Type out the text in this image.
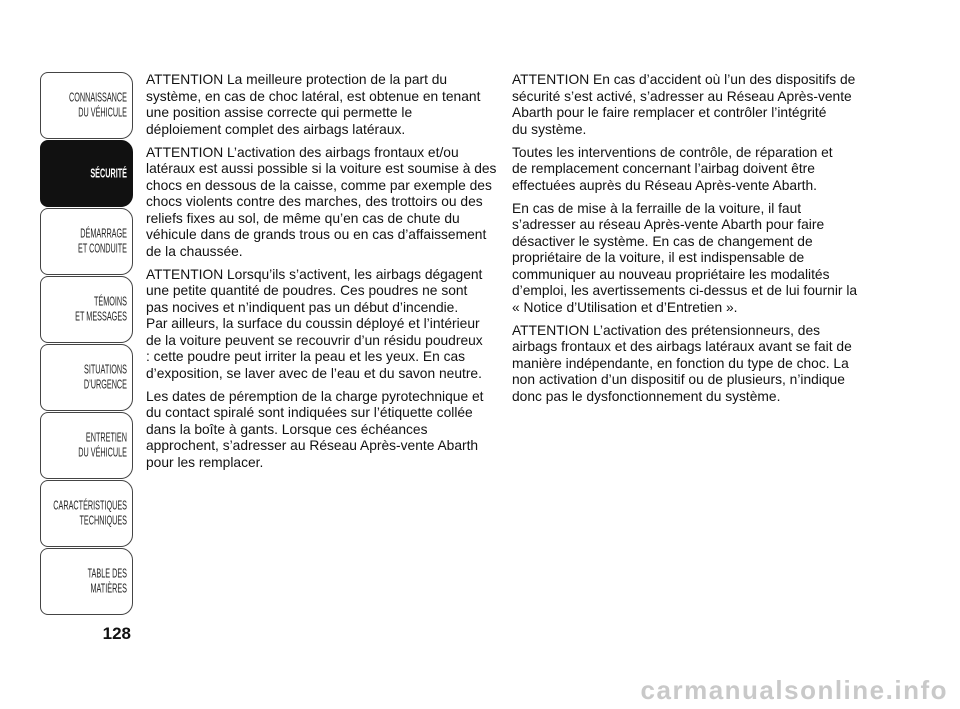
CONNAISSANCE
DU VÉHICULE
SÉCURITÉ
DÉMARRAGE
ET CONDUITE
TÉMOINS
ET MESSAGES
SITUATIONS
D’URGENCE
ENTRETIEN
DU VÉHICULE
CARACTÉRISTIQUES
TECHNIQUES
TABLE DES
MATIÈRES
128

ATTENTION La meilleure protection de la part du
système, en cas de choc latéral, est obtenue en tenant
une position assise correcte qui permette le
déploiement complet des airbags latéraux.

ATTENTION L’activation des airbags frontaux et/ou
latéraux est aussi possible si la voiture est soumise à des
chocs en dessous de la caisse, comme par exemple des
chocs violents contre des marches, des trottoirs ou des
reliefs fixes au sol, de même qu’en cas de chute du
véhicule dans de grands trous ou en cas d’affaissement
de la chaussée.

ATTENTION Lorsqu’ils s’activent, les airbags dégagent
une petite quantité de poudres. Ces poudres ne sont
pas nocives et n’indiquent pas un début d’incendie.
Par ailleurs, la surface du coussin déployé et l’intérieur
de la voiture peuvent se recouvrir d’un résidu poudreux
: cette poudre peut irriter la peau et les yeux. En cas
d’exposition, se laver avec de l’eau et du savon neutre.

Les dates de péremption de la charge pyrotechnique et
du contact spiralé sont indiquées sur l’étiquette collée
dans la boîte à gants. Lorsque ces échéances
approchent, s’adresser au Réseau Après-vente Abarth
pour les remplacer.

ATTENTION En cas d’accident où l’un des dispositifs de
sécurité s’est activé, s’adresser au Réseau Après-vente
Abarth pour le faire remplacer et contrôler l’intégrité
du système.

Toutes les interventions de contrôle, de réparation et
de remplacement concernant l’airbag doivent être
effectuées auprès du Réseau Après-vente Abarth.

En cas de mise à la ferraille de la voiture, il faut
s’adresser au réseau Après-vente Abarth pour faire
désactiver le système. En cas de changement de
propriétaire de la voiture, il est indispensable de
communiquer au nouveau propriétaire les modalités
d’emploi, les avertissements ci-dessus et de lui fournir la
« Notice d’Utilisation et d’Entretien ».

ATTENTION L’activation des prétensionneurs, des
airbags frontaux et des airbags latéraux avant se fait de
manière indépendante, en fonction du type de choc. La
non activation d’un dispositif ou de plusieurs, n’indique
donc pas le dysfonctionnement du système.

carmanualsonline.info
